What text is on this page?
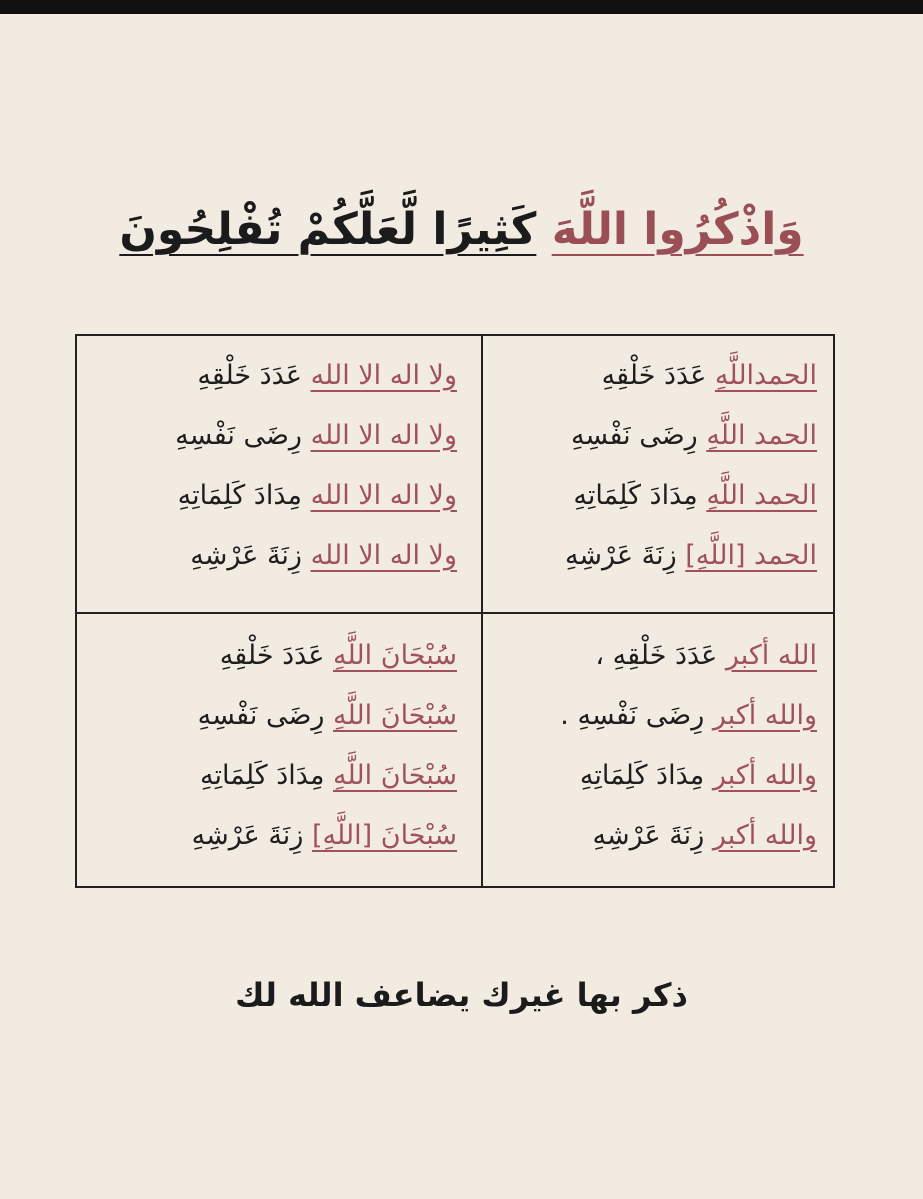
وَاذْكُرُوا اللَّهَ كَثِيرًا لَّعَلَّكُمْ تُفْلِحُونَ
الحمداللَّهِ عَدَدَ خَلْقِهِ
الحمد اللَّهِ رِضَى نَفْسِهِ
الحمد اللَّهِ مِدَادَ كَلِمَاتِهِ
الحمد [اللَّهِ] زِنَةَ عَرْشِهِ
ولا اله الا الله عَدَدَ خَلْقِهِ
ولا اله الا الله رِضَى نَفْسِهِ
ولا اله الا الله مِدَادَ كَلِمَاتِهِ
ولا اله الا الله زِنَةَ عَرْشِهِ
الله أكبر عَدَدَ خَلْقِهِ ،
والله أكبر رِضَى نَفْسِهِ .
والله أكبر مِدَادَ كَلِمَاتِهِ
والله أكبر زِنَةَ عَرْشِهِ
سُبْحَانَ اللَّهِ عَدَدَ خَلْقِهِ
سُبْحَانَ اللَّهِ رِضَى نَفْسِهِ
سُبْحَانَ اللَّهِ مِدَادَ كَلِمَاتِهِ
سُبْحَانَ [اللَّهِ] زِنَةَ عَرْشِهِ
ذكر بها غيرك يضاعف الله لك
